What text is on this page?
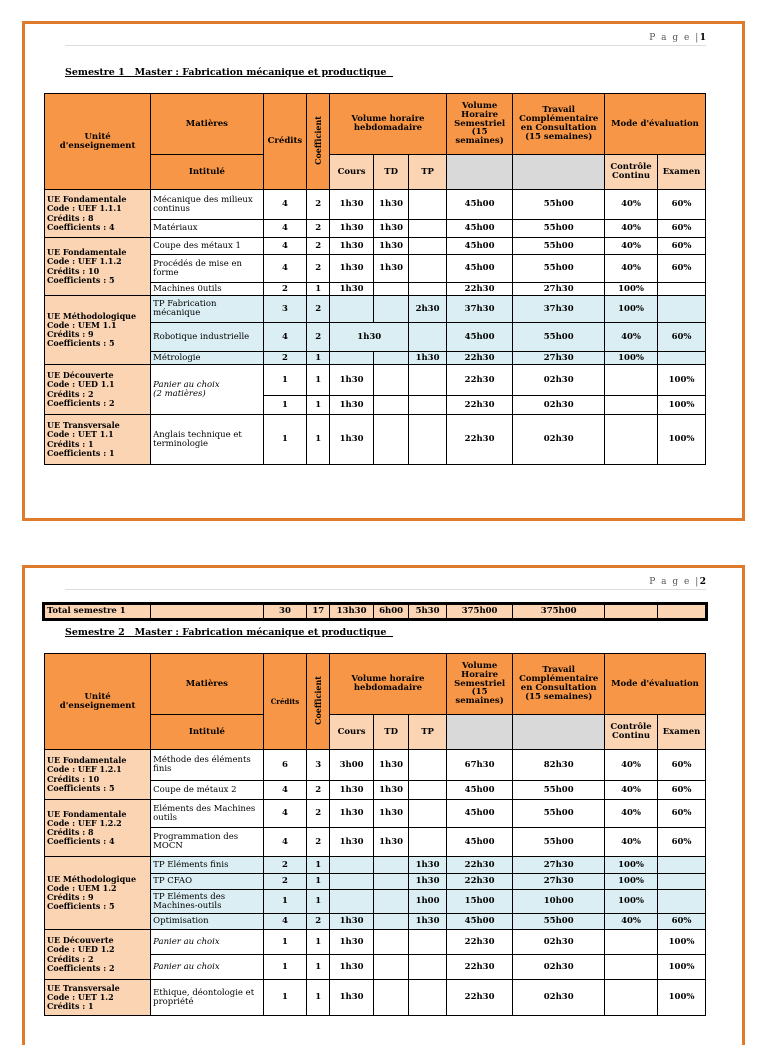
P a g e |1
Semestre 1   Master : Fabrication mécanique et productique
Unité d'enseignement	Matières	Crédits	Coefficient	Volume horaire hebdomadaire			Volume Horaire Semestriel (15 semaines)	Travail Complémentaire en Consultation (15 semaines)	Mode d'évaluation	
	Intitulé			Cours	TD	TP			Contrôle Continu	Examen
UE Fondamentale
Code : UEF 1.1.1
Crédits : 8
Coefficients : 4	Mécanique des milieux continus	4	2	1h30	1h30		45h00	55h00	40%	60%
	Matériaux	4	2	1h30	1h30		45h00	55h00	40%	60%
UE Fondamentale
Code : UEF 1.1.2
Crédits : 10
Coefficients : 5	Coupe des métaux 1	4	2	1h30	1h30		45h00	55h00	40%	60%
	Procédés de mise en forme	4	2	1h30	1h30		45h00	55h00	40%	60%
	Machines 0utils	2	1	1h30			22h30	27h30	100%	
UE Méthodologique
Code : UEM 1.1
Crédits : 9
Coefficients : 5	TP Fabrication mécanique	3	2			2h30	37h30	37h30	100%	
	Robotique industrielle	4	2	1h30			45h00	55h00	40%	60%
	Métrologie	2	1			1h30	22h30	27h30	100%	
UE Découverte
Code : UED 1.1
Crédits : 2
Coefficients : 2	Panier au choix
(2 matières)	1	1	1h30			22h30	02h30		100%
		1	1	1h30			22h30	02h30		100%
UE Transversale
Code : UET 1.1
Crédits : 1
Coefficients : 1	Anglais technique et terminologie	1	1	1h30			22h30	02h30		100%
P a g e |2
Total semestre 1		30	17	13h30	6h00	5h30	375h00	375h00		
Semestre 2   Master : Fabrication mécanique et productique
Unité d'enseignement	Matières	Crédits	Coefficient	Volume horaire hebdomadaire			Volume Horaire Semestriel (15 semaines)	Travail Complémentaire en Consultation (15 semaines)	Mode d'évaluation	
	Intitulé			Cours	TD	TP			Contrôle Continu	Examen
UE Fondamentale
Code : UEF 1.2.1
Crédits : 10
Coefficients : 5	Méthode des éléments finis	6	3	3h00	1h30		67h30	82h30	40%	60%
	Coupe de métaux 2	4	2	1h30	1h30		45h00	55h00	40%	60%
UE Fondamentale
Code : UEF 1.2.2
Crédits : 8
Coefficients : 4	Eléments des Machines outils	4	2	1h30	1h30		45h00	55h00	40%	60%
	Programmation des MOCN	4	2	1h30	1h30		45h00	55h00	40%	60%
UE Méthodologique
Code : UEM 1.2
Crédits : 9
Coefficients : 5	TP Eléments finis	2	1			1h30	22h30	27h30	100%	
	TP CFAO	2	1			1h30	22h30	27h30	100%	
	TP Eléments des Machines-outils	1	1			1h00	15h00	10h00	100%	
	Optimisation	4	2	1h30		1h30	45h00	55h00	40%	60%
UE Découverte
Code : UED 1.2
Crédits : 2
Coefficients : 2	Panier au choix	1	1	1h30			22h30	02h30		100%
	Panier au choix	1	1	1h30			22h30	02h30		100%
UE Transversale
Code : UET 1.2
Crédits : 1	Ethique, déontologie et propriété	1	1	1h30			22h30	02h30		100%
